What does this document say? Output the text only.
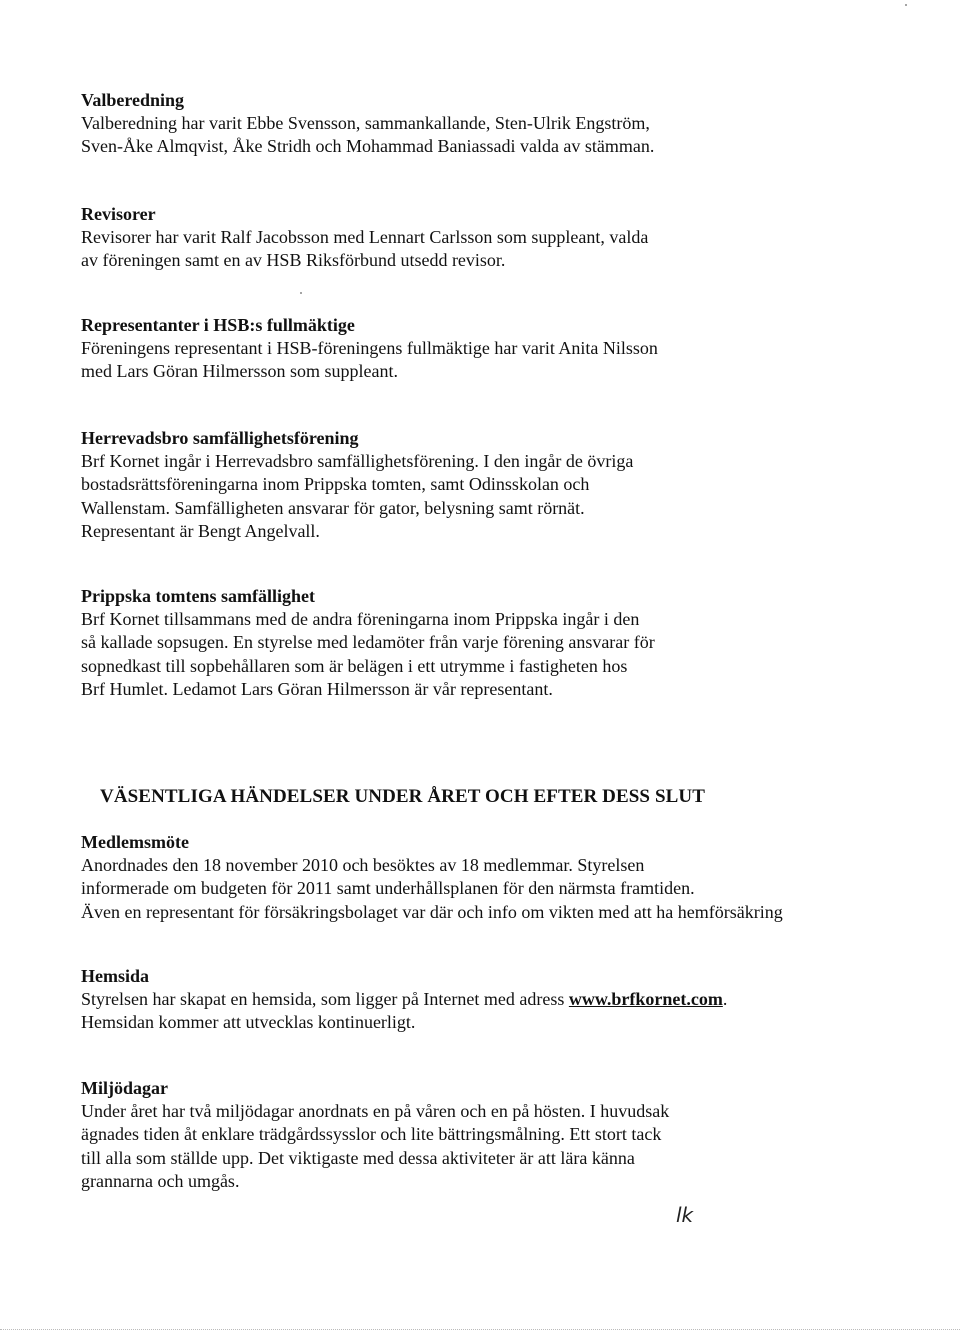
Valberedning
Valberedning har varit Ebbe Svensson, sammankallande, Sten-Ulrik Engström,
Sven-Åke Almqvist, Åke Stridh och Mohammad Baniassadi valda av stämman.
Revisorer
Revisorer har varit Ralf Jacobsson med Lennart Carlsson som suppleant, valda
av föreningen samt en av HSB Riksförbund utsedd revisor.
Representanter i HSB:s fullmäktige
Föreningens representant i HSB-föreningens fullmäktige har varit Anita Nilsson
med Lars Göran Hilmersson som suppleant.
Herrevadsbro samfällighetsförening
Brf Kornet ingår i Herrevadsbro samfällighetsförening. I den ingår de övriga
bostadsrättsföreningarna inom Prippska tomten, samt Odinsskolan och
Wallenstam. Samfälligheten ansvarar för gator, belysning samt rörnät.
Representant är Bengt Angelvall.
Prippska tomtens samfällighet
Brf Kornet tillsammans med de andra föreningarna inom Prippska ingår i den
så kallade sopsugen. En styrelse med ledamöter från varje förening ansvarar för
sopnedkast till sopbehållaren som är belägen i ett utrymme i fastigheten hos
Brf Humlet. Ledamot Lars Göran Hilmersson är vår representant.
VÄSENTLIGA HÄNDELSER UNDER ÅRET OCH EFTER DESS SLUT
Medlemsmöte
Anordnades den 18 november 2010 och besöktes av 18 medlemmar. Styrelsen
informerade om budgeten för 2011 samt underhållsplanen för den närmsta framtiden.
Även en representant för försäkringsbolaget var där och info om vikten med att ha hemförsäkring
Hemsida
Styrelsen har skapat en hemsida, som ligger på Internet med adress www.brfkornet.com.
Hemsidan kommer att utvecklas kontinuerligt.
Miljödagar
Under året har två miljödagar anordnats en på våren och en på hösten. I huvudsak
ägnades tiden åt enklare trädgårdssysslor och lite bättringsmålning. Ett stort tack
till alla som ställde upp. Det viktigaste med dessa aktiviteter är att lära känna
grannarna och umgås.
lk
